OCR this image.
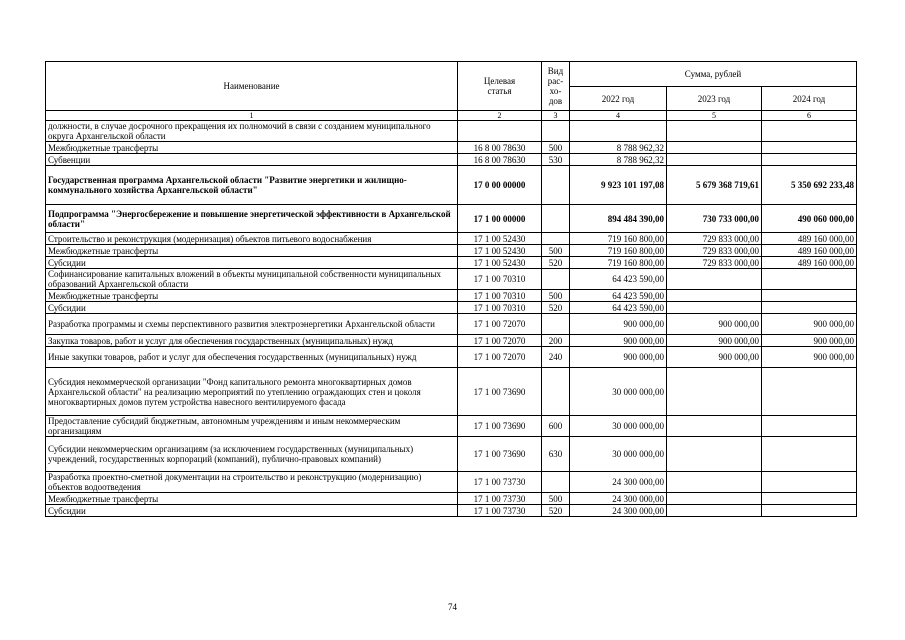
Наименование	Целевая статья	Вид рас-хо-дов	Сумма, рублей		
			2022 год	2023 год	2024 год
1	2	3	4	5	6
должности, в случае досрочного прекращения их полномочий в связи с созданием муниципального округа Архангельской области					
Межбюджетные трансферты	16 8 00 78630	500	8 788 962,32		
Субвенции	16 8 00 78630	530	8 788 962,32		
Государственная программа Архангельской области "Развитие энергетики и жилищно-коммунального хозяйства Архангельской области"	17 0 00 00000		9 923 101 197,08	5 679 368 719,61	5 350 692 233,48
Подпрограмма "Энергосбережение и повышение энергетической эффективности в Архангельской области"	17 1 00 00000		894 484 390,00	730 733 000,00	490 060 000,00
Строительство и реконструкция (модернизация) объектов питьевого водоснабжения	17 1 00 52430		719 160 800,00	729 833 000,00	489 160 000,00
Межбюджетные трансферты	17 1 00 52430	500	719 160 800,00	729 833 000,00	489 160 000,00
Субсидии	17 1 00 52430	520	719 160 800,00	729 833 000,00	489 160 000,00
Софинансирование капитальных вложений в объекты муниципальной собственности муниципальных образований Архангельской области	17 1 00 70310		64 423 590,00		
Межбюджетные трансферты	17 1 00 70310	500	64 423 590,00		
Субсидии	17 1 00 70310	520	64 423 590,00		
Разработка программы и схемы перспективного развития электроэнергетики Архангельской области	17 1 00 72070		900 000,00	900 000,00	900 000,00
Закупка товаров, работ и услуг для обеспечения государственных (муниципальных) нужд	17 1 00 72070	200	900 000,00	900 000,00	900 000,00
Иные закупки товаров, работ и услуг для обеспечения государственных (муниципальных) нужд	17 1 00 72070	240	900 000,00	900 000,00	900 000,00
Субсидия некоммерческой организации "Фонд капитального ремонта многоквартирных домов Архангельской области" на реализацию мероприятий по утеплению ограждающих стен и цоколя многоквартирных домов путем устройства навесного вентилируемого фасада	17 1 00 73690		30 000 000,00		
Предоставление субсидий бюджетным, автономным учреждениям и иным некоммерческим организациям	17 1 00 73690	600	30 000 000,00		
Субсидии некоммерческим организациям (за исключением государственных (муниципальных) учреждений, государственных корпораций (компаний), публично-правовых компаний)	17 1 00 73690	630	30 000 000,00		
Разработка проектно-сметной документации на строительство и реконструкцию (модернизацию) объектов водоотведения	17 1 00 73730		24 300 000,00		
Межбюджетные трансферты	17 1 00 73730	500	24 300 000,00		
Субсидии	17 1 00 73730	520	24 300 000,00		
74
